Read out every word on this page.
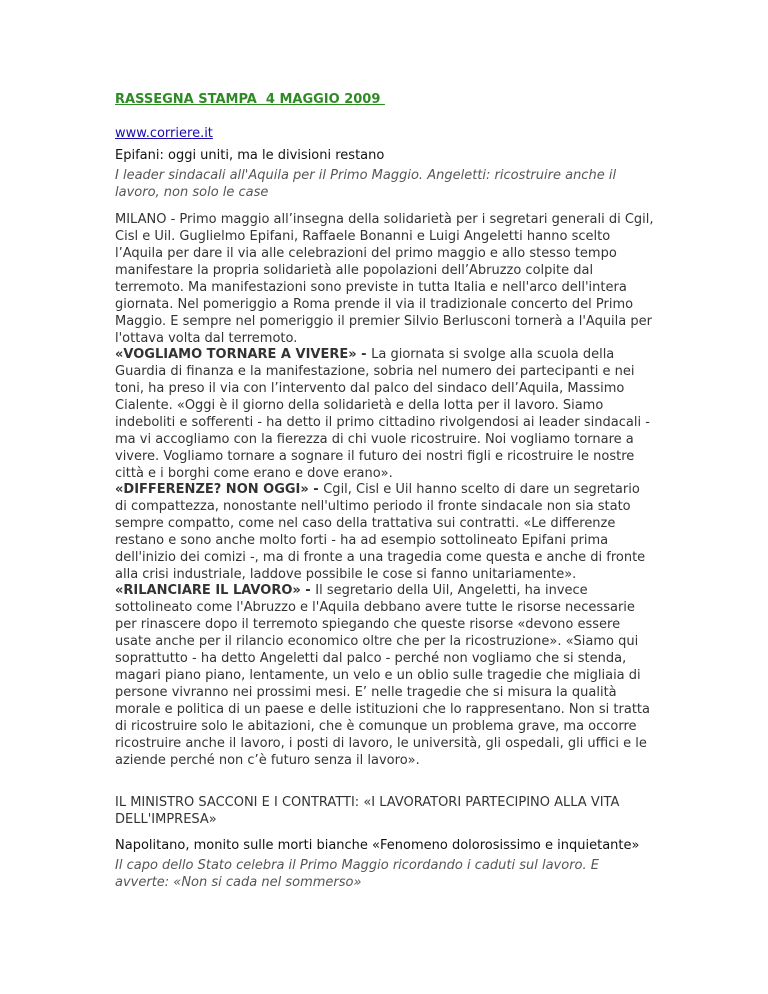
RASSEGNA STAMPA  4 MAGGIO 2009
www.corriere.it
Epifani: oggi uniti, ma le divisioni restano
I leader sindacali all'Aquila per il Primo Maggio. Angeletti: ricostruire anche il lavoro, non solo le case
MILANO - Primo maggio all’insegna della solidarietà per i segretari generali di Cgil, Cisl e Uil. Guglielmo Epifani, Raffaele Bonanni e Luigi Angeletti hanno scelto l’Aquila per dare il via alle celebrazioni del primo maggio e allo stesso tempo manifestare la propria solidarietà alle popolazioni dell’Abruzzo colpite dal terremoto. Ma manifestazioni sono previste in tutta Italia e nell'arco dell'intera giornata. Nel pomeriggio a Roma prende il via il tradizionale concerto del Primo Maggio. E sempre nel pomeriggio il premier Silvio Berlusconi tornerà a l'Aquila per l'ottava volta dal terremoto.
«VOGLIAMO TORNARE A VIVERE» - La giornata si svolge alla scuola della Guardia di finanza e la manifestazione, sobria nel numero dei partecipanti e nei toni, ha preso il via con l’intervento dal palco del sindaco dell’Aquila, Massimo Cialente. «Oggi è il giorno della solidarietà e della lotta per il lavoro. Siamo indeboliti e sofferenti - ha detto il primo cittadino rivolgendosi ai leader sindacali - ma vi accogliamo con la fierezza di chi vuole ricostruire. Noi vogliamo tornare a vivere. Vogliamo tornare a sognare il futuro dei nostri figli e ricostruire le nostre città e i borghi come erano e dove erano».
«DIFFERENZE? NON OGGI» - Cgil, Cisl e Uil hanno scelto di dare un segretario di compattezza, nonostante nell'ultimo periodo il fronte sindacale non sia stato sempre compatto, come nel caso della trattativa sui contratti. «Le differenze restano e sono anche molto forti - ha ad esempio sottolineato Epifani prima dell'inizio dei comizi -, ma di fronte a una tragedia come questa e anche di fronte alla crisi industriale, laddove possibile le cose si fanno unitariamente».
«RILANCIARE IL LAVORO» - Il segretario della Uil, Angeletti, ha invece sottolineato come l'Abruzzo e l'Aquila debbano avere tutte le risorse necessarie per rinascere dopo il terremoto spiegando che queste risorse «devono essere usate anche per il rilancio economico oltre che per la ricostruzione». «Siamo qui soprattutto - ha detto Angeletti dal palco - perché non vogliamo che si stenda, magari piano piano, lentamente, un velo e un oblio sulle tragedie che migliaia di persone vivranno nei prossimi mesi. E’ nelle tragedie che si misura la qualità morale e politica di un paese e delle istituzioni che lo rappresentano. Non si tratta di ricostruire solo le abitazioni, che è comunque un problema grave, ma occorre ricostruire anche il lavoro, i posti di lavoro, le università, gli ospedali, gli uffici e le aziende perché non c’è futuro senza il lavoro».
IL MINISTRO SACCONI E I CONTRATTI: «I LAVORATORI PARTECIPINO ALLA VITA DELL'IMPRESA»
Napolitano, monito sulle morti bianche «Fenomeno dolorosissimo e inquietante»
Il capo dello Stato celebra il Primo Maggio ricordando i caduti sul lavoro. E avverte: «Non si cada nel sommerso»
